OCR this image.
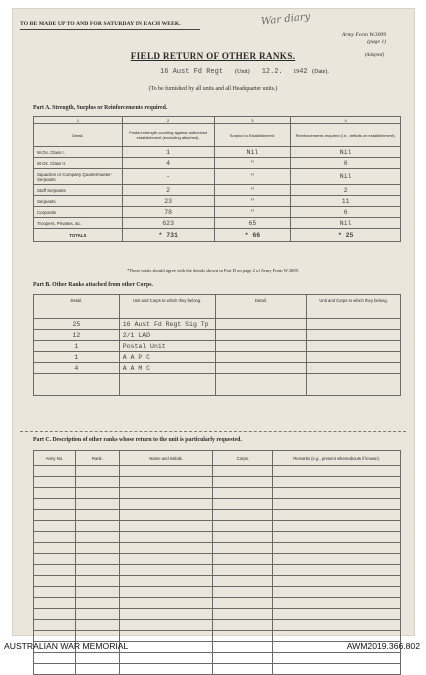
TO BE MADE UP TO AND FOR SATURDAY IN EACH WEEK.	War diary
Army Form W.3009
(page 1)
FIELD RETURN OF OTHER RANKS.	(Adopted)
16 Aust Fd Regt (Unit) 12.2. 1942 (Date).
(To be furnished by all units and all Headquarter units.)
Part A. Strength, Surplus or Reinforcements required.
1	2	3	4
Detail.	Posted strength counting against authorized establishment (excluding attached).	Surplus to Establishment.	Reinforcements required (i.e., deficits on establishment).
W.Os. Class I.	1	Nil	Nil
W.Os. Class II.	4	"	6
Squadron or Company Quartermaster-Serjeants	-	"	Nil
Staff Serjeants	2	"	2
Serjeants	23	"	11
Corporals	78	"	6
Troopers, Privates, &c.	623	65	Nil
TOTALS	* 731	* 66	* 25
*These totals should agree with the details shown in Part D on page 2 of Army Form W.3009.
Part B. Other Ranks attached from other Corps.
Detail.	Unit and Corps to which they belong.	Detail.	Unit and Corps to which they belong.
25	16 Aust Fd Regt Sig Tp		
12	2/1 LAD		
1	Postal Unit		
1	A A P C		
4	A A M C		

Part C. Description of other ranks whose return to the unit is particularly requested.
Army No.	Rank.	Name and Initials.	Corps.	Remarks (e.g., present whereabouts if known).

AUSTRALIAN WAR MEMORIAL	AWM2019.366.802
